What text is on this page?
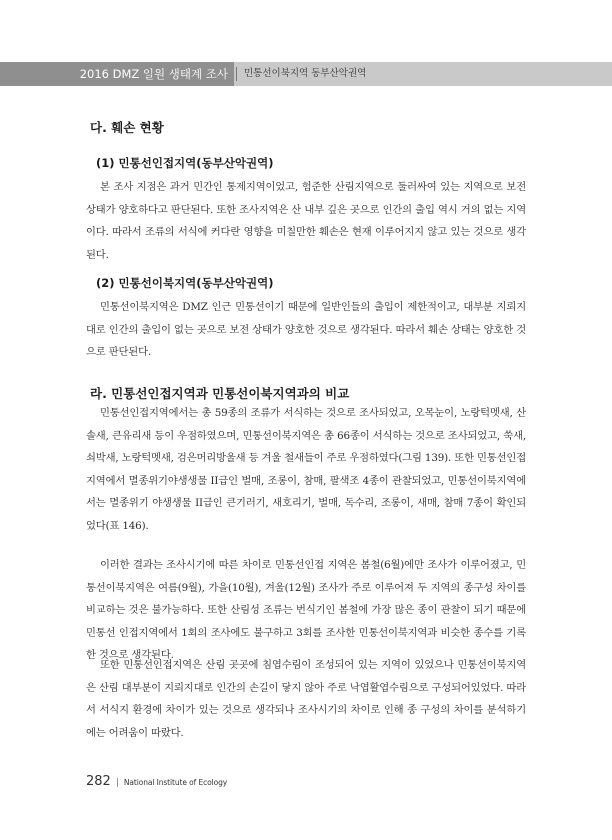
2016 DMZ 일원 생태계 조사	민통선이북지역 동부산악권역
다. 훼손 현황
(1) 민통선인접지역(동부산악권역)

본 조사 지점은 과거 민간인 통제지역이었고, 험준한 산림지역으로 둘러싸여 있는 지역으로 보전 상태가 양호하다고 판단된다. 또한 조사지역은 산 내부 깊은 곳으로 인간의 출입 역시 거의 없는 지역이다. 따라서 조류의 서식에 커다란 영향을 미칠만한 훼손은 현재 이루어지지 않고 있는 것으로 생각된다.

(2) 민통선이북지역(동부산악권역)

민통선이북지역은 DMZ 인근 민통선이기 때문에 일반인들의 출입이 제한적이고, 대부분 지뢰지대로 인간의 출입이 없는 곳으로 보전 상태가 양호한 것으로 생각된다. 따라서 훼손 상태는 양호한 것으로 판단된다.

라. 민통선인접지역과 민통선이북지역과의 비교

민통선인접지역에서는 총 59종의 조류가 서식하는 것으로 조사되었고, 오목눈이, 노랑턱멧새, 산솔새, 큰유리새 등이 우점하였으며, 민통선이북지역은 총 66종이 서식하는 것으로 조사되었고, 쑥새, 쇠박새, 노랑턱멧새, 검은머리방울새 등 겨울 철새들이 주로 우점하였다(그림 139). 또한 민통선인접지역에서 멸종위기야생생물 II급인 벌매, 조롱이, 참매, 팔색조 4종이 관찰되었고, 민통선이북지역에서는 멸종위기 야생생물 II급인 큰기러기, 새호리기, 벌매, 독수리, 조롱이, 새매, 참매 7종이 확인되었다(표 146).

이러한 결과는 조사시기에 따른 차이로 민통선인접 지역은 봄철(6월)에만 조사가 이루어졌고, 민통선이북지역은 여름(9월), 가을(10월), 겨울(12월) 조사가 주로 이루어져 두 지역의 종구성 차이를 비교하는 것은 불가능하다. 또한 산림성 조류는 번식기인 봄철에 가장 많은 종이 관찰이 되기 때문에 민통선 인접지역에서 1회의 조사에도 불구하고 3회를 조사한 민통선이북지역과 비슷한 종수를 기록한 것으로 생각된다.

또한 민통선인접지역은 산림 곳곳에 침엽수림이 조성되어 있는 지역이 있었으나 민통선이북지역은 산림 대부분이 지뢰지대로 인간의 손길이 닿지 않아 주로 낙엽활엽수림으로 구성되어있었다. 따라서 서식지 환경에 차이가 있는 것으로 생각되나 조사시기의 차이로 인해 종 구성의 차이를 분석하기에는 어려움이 따랐다.

282 | National Institute of Ecology
